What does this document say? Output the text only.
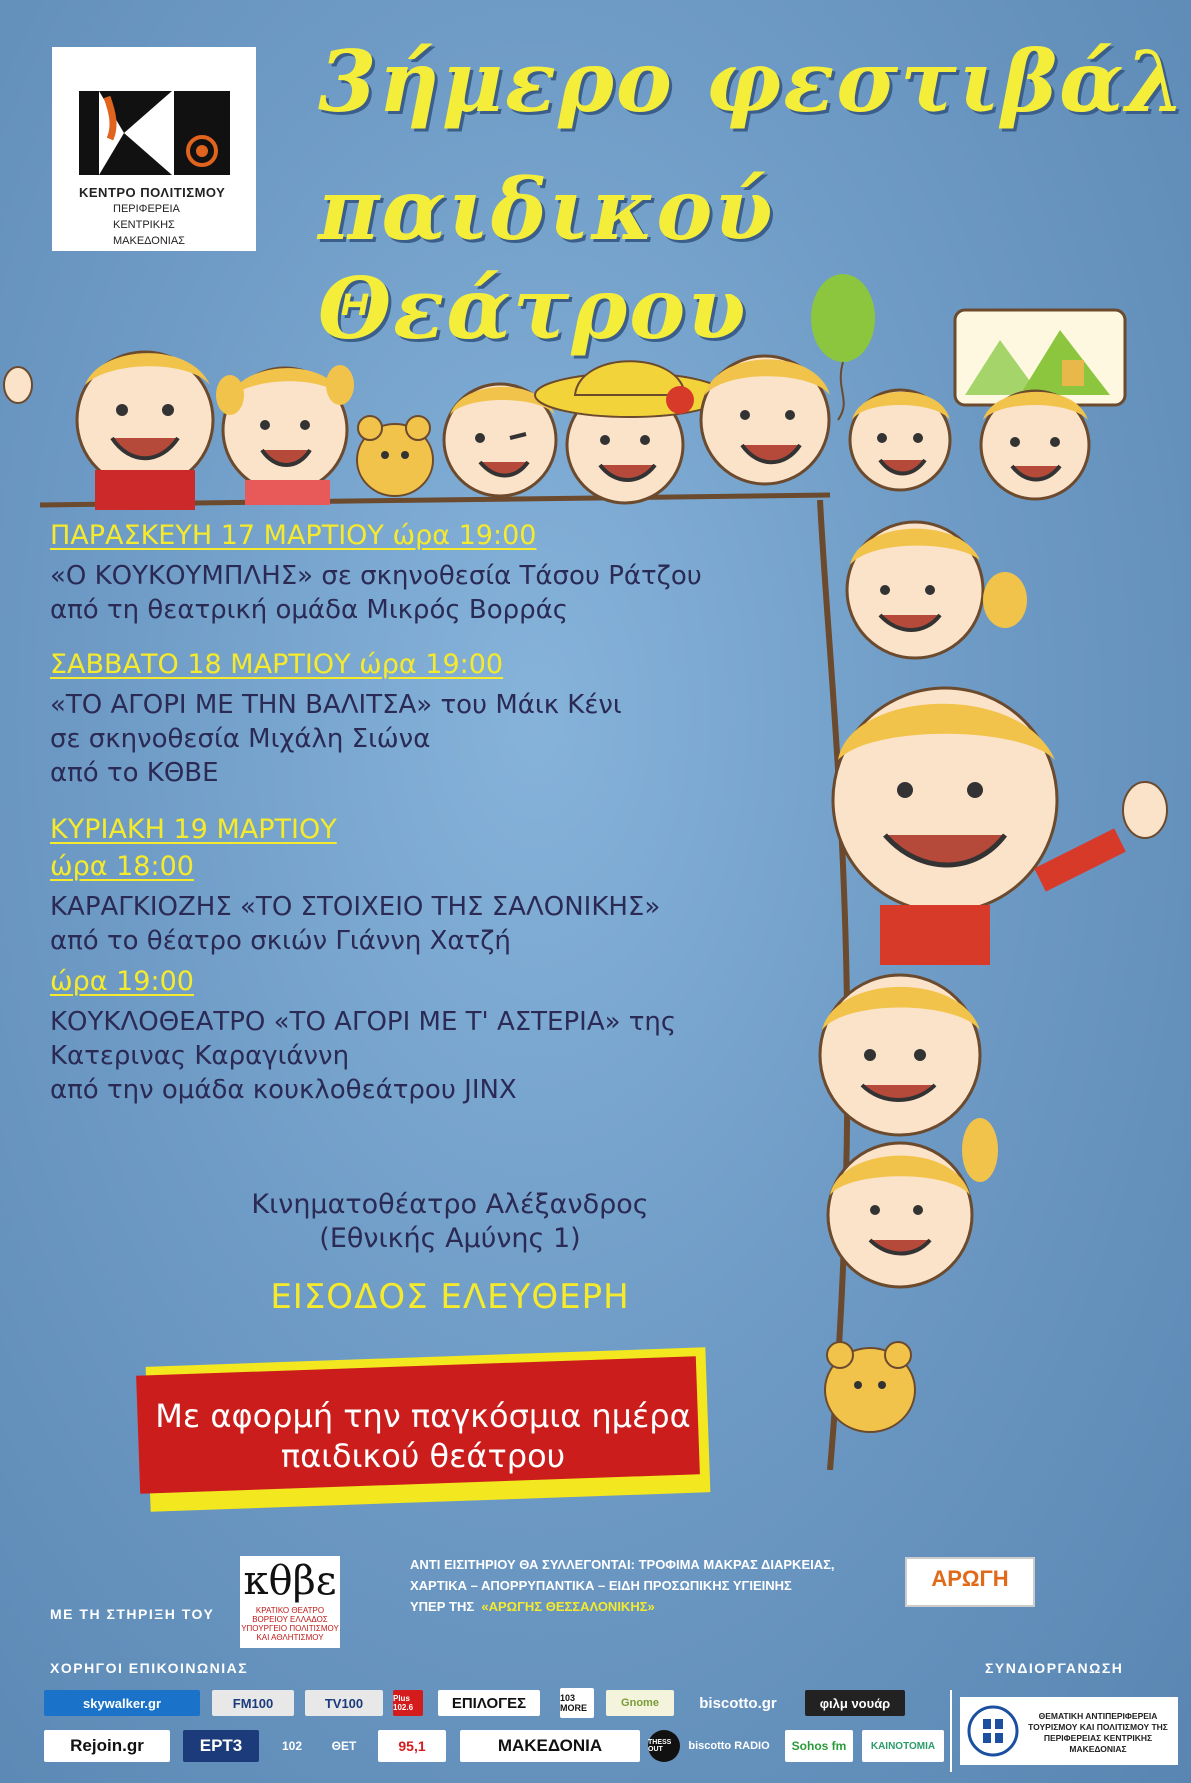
ΚΕΝΤΡΟ ΠΟΛΙΤΙΣΜΟΥ
ΠΕΡΙΦΕΡΕΙΑ
ΚΕΝΤΡΙΚΗΣ
ΜΑΚΕΔΟΝΙΑΣ
3ήμερο φεστιβάλ
παιδικού Θεάτρου

ΠΑΡΑΣΚΕΥΗ 17 ΜΑΡΤΙΟΥ ώρα 19:00

«Ο ΚΟΥΚΟΥΜΠΛΗΣ» σε σκηνοθεσία Τάσου Ράτζου

από τη θεατρική ομάδα Μικρός Βορράς

ΣΑΒΒΑΤΟ 18 ΜΑΡΤΙΟΥ ώρα 19:00

«ΤΟ ΑΓΟΡΙ ΜΕ ΤΗΝ ΒΑΛΙΤΣΑ» του Μάικ Κένι

σε σκηνοθεσία Μιχάλη Σιώνα

από το ΚΘΒΕ

ΚΥΡΙΑΚΗ 19 ΜΑΡΤΙΟΥ

ώρα 18:00

ΚΑΡΑΓΚΙΟΖΗΣ «ΤΟ ΣΤΟΙΧΕΙΟ ΤΗΣ ΣΑΛΟΝΙΚΗΣ»

από το θέατρο σκιών Γιάννη Χατζή

ώρα 19:00

ΚΟΥΚΛΟΘΕΑΤΡΟ «ΤΟ ΑΓΟΡΙ ΜΕ Τ' ΑΣΤΕΡΙΑ» της

Κατερινας Καραγιάννη

από την ομάδα κουκλοθεάτρου JINX

Κινηματοθέατρο Αλέξανδρος
(Εθνικής Αμύνης 1)
ΕΙΣΟΔΟΣ ΕΛΕΥΘΕΡΗ
Με αφορμή την παγκόσμια ημέρα
παιδικού θεάτρου
ΜΕ ΤΗ ΣΤΗΡΙΞΗ ΤΟΥ
κθβε
ΚΡΑΤΙΚΟ ΘΕΑΤΡΟ
ΒΟΡΕΙΟΥ ΕΛΛΑΔΟΣ
ΥΠΟΥΡΓΕΙΟ ΠΟΛΙΤΙΣΜΟΥ
ΚΑΙ ΑΘΛΗΤΙΣΜΟΥ
ΑΝΤΙ ΕΙΣΙΤΗΡΙΟΥ ΘΑ ΣΥΛΛΕΓΟΝΤΑΙ: ΤΡΟΦΙΜΑ ΜΑΚΡΑΣ ΔΙΑΡΚΕΙΑΣ,
ΧΑΡΤΙΚΑ – ΑΠΟΡΡΥΠΑΝΤΙΚΑ – ΕΙΔΗ ΠΡΟΣΩΠΙΚΗΣ ΥΓΙΕΙΝΗΣ
ΥΠΕΡ ΤΗΣ «ΑΡΩΓΗΣ ΘΕΣΣΑΛΟΝΙΚΗΣ»
ΑΡΩΓΗ
ΧΟΡΗΓΟΙ ΕΠΙΚΟΙΝΩΝΙΑΣ	ΣΥΝΔΙΟΡΓΑΝΩΣΗ
skywalker.gr	FM100	TV100	Plus 102.6	ΕΠΙΛΟΓΕΣ	103 MORE	Gnome	biscotto.gr	φιλμ νουάρ
Rejoin.gr	ΕΡΤ3	102	ΘΕΤ	95,1	ΜΑΚΕΔΟΝΙΑ	THESS OUT	biscotto RADIO	Sohos fm	ΚΑΙΝΟΤΟΜΙΑ
ΘΕΜΑΤΙΚΗ ΑΝΤΙΠΕΡΙΦΕΡΕΙΑ
ΤΟΥΡΙΣΜΟΥ ΚΑΙ ΠΟΛΙΤΙΣΜΟΥ ΤΗΣ
ΠΕΡΙΦΕΡΕΙΑΣ ΚΕΝΤΡΙΚΗΣ ΜΑΚΕΔΟΝΙΑΣ
